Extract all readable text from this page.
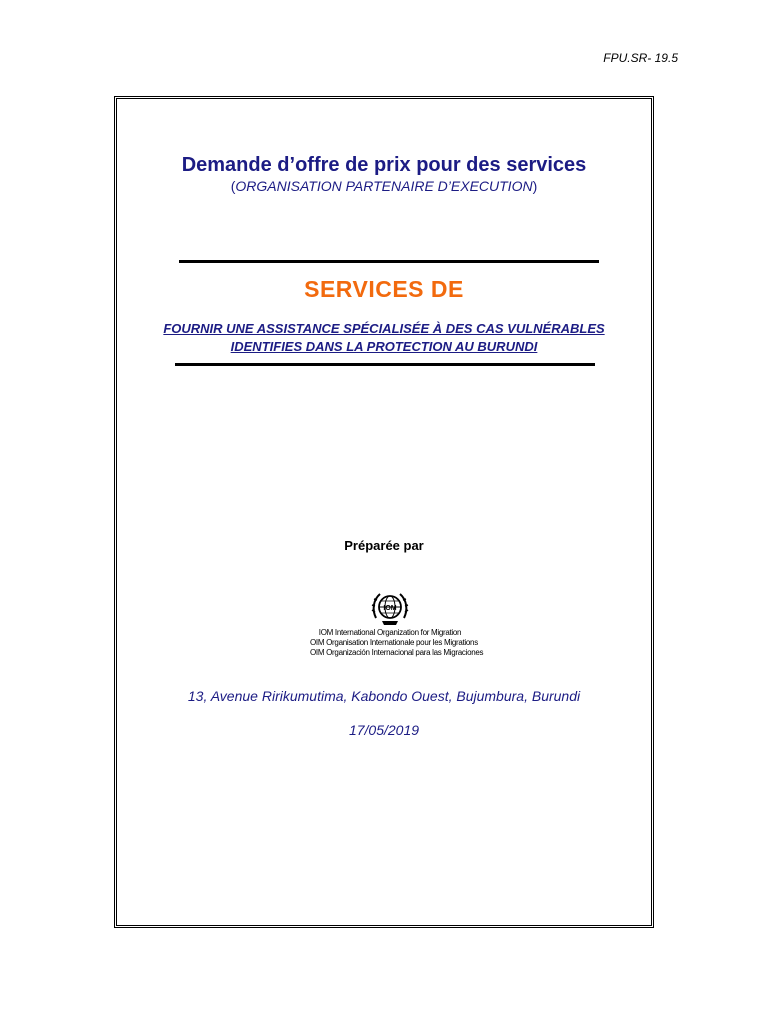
FPU.SR- 19.5
Demande d’offre de prix pour des services
(ORGANISATION PARTENAIRE D’EXECUTION)
SERVICES DE
FOURNIR UNE ASSISTANCE SPÉCIALISÉE À DES CAS VULNÉRABLES
IDENTIFIES DANS LA PROTECTION AU BURUNDI
Préparée par
IOM
IOM International Organization for Migration
OIM Organisation Internationale pour les Migrations
OIM Organización Internacional para las Migraciones
13, Avenue Ririkumutima, Kabondo Ouest, Bujumbura, Burundi
17/05/2019
